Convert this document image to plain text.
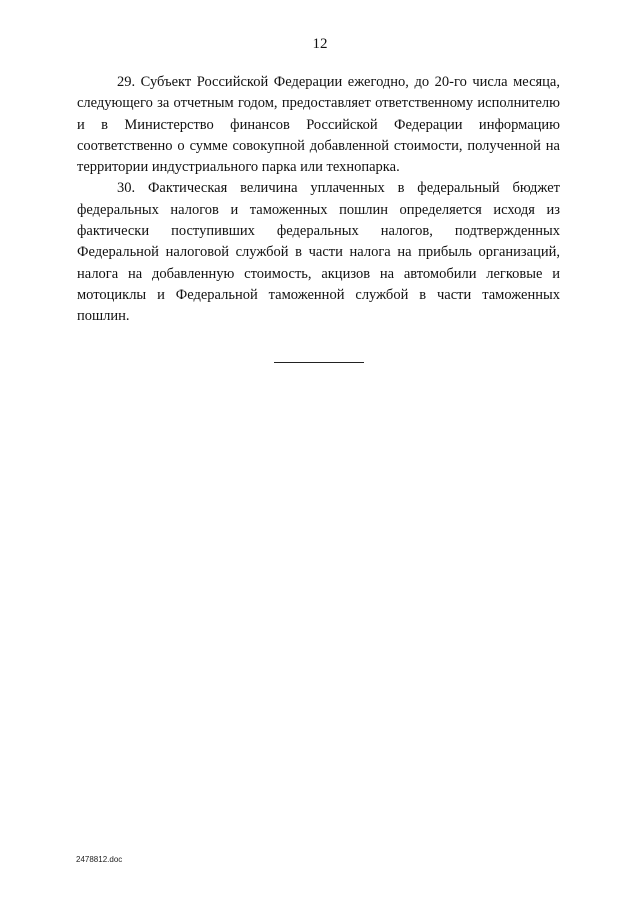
12

29. Субъект Российской Федерации ежегодно, до 20-го числа месяца, следующего за отчетным годом, предоставляет ответственному исполнителю и в Министерство финансов Российской Федерации информацию соответственно о сумме совокупной добавленной стоимости, полученной на территории индустриального парка или технопарка.

30. Фактическая величина уплаченных в федеральный бюджет федеральных налогов и таможенных пошлин определяется исходя из фактически поступивших федеральных налогов, подтвержденных Федеральной налоговой службой в части налога на прибыль организаций, налога на добавленную стоимость, акцизов на автомобили легковые и мотоциклы и Федеральной таможенной службой в части таможенных пошлин.

2478812.doc
